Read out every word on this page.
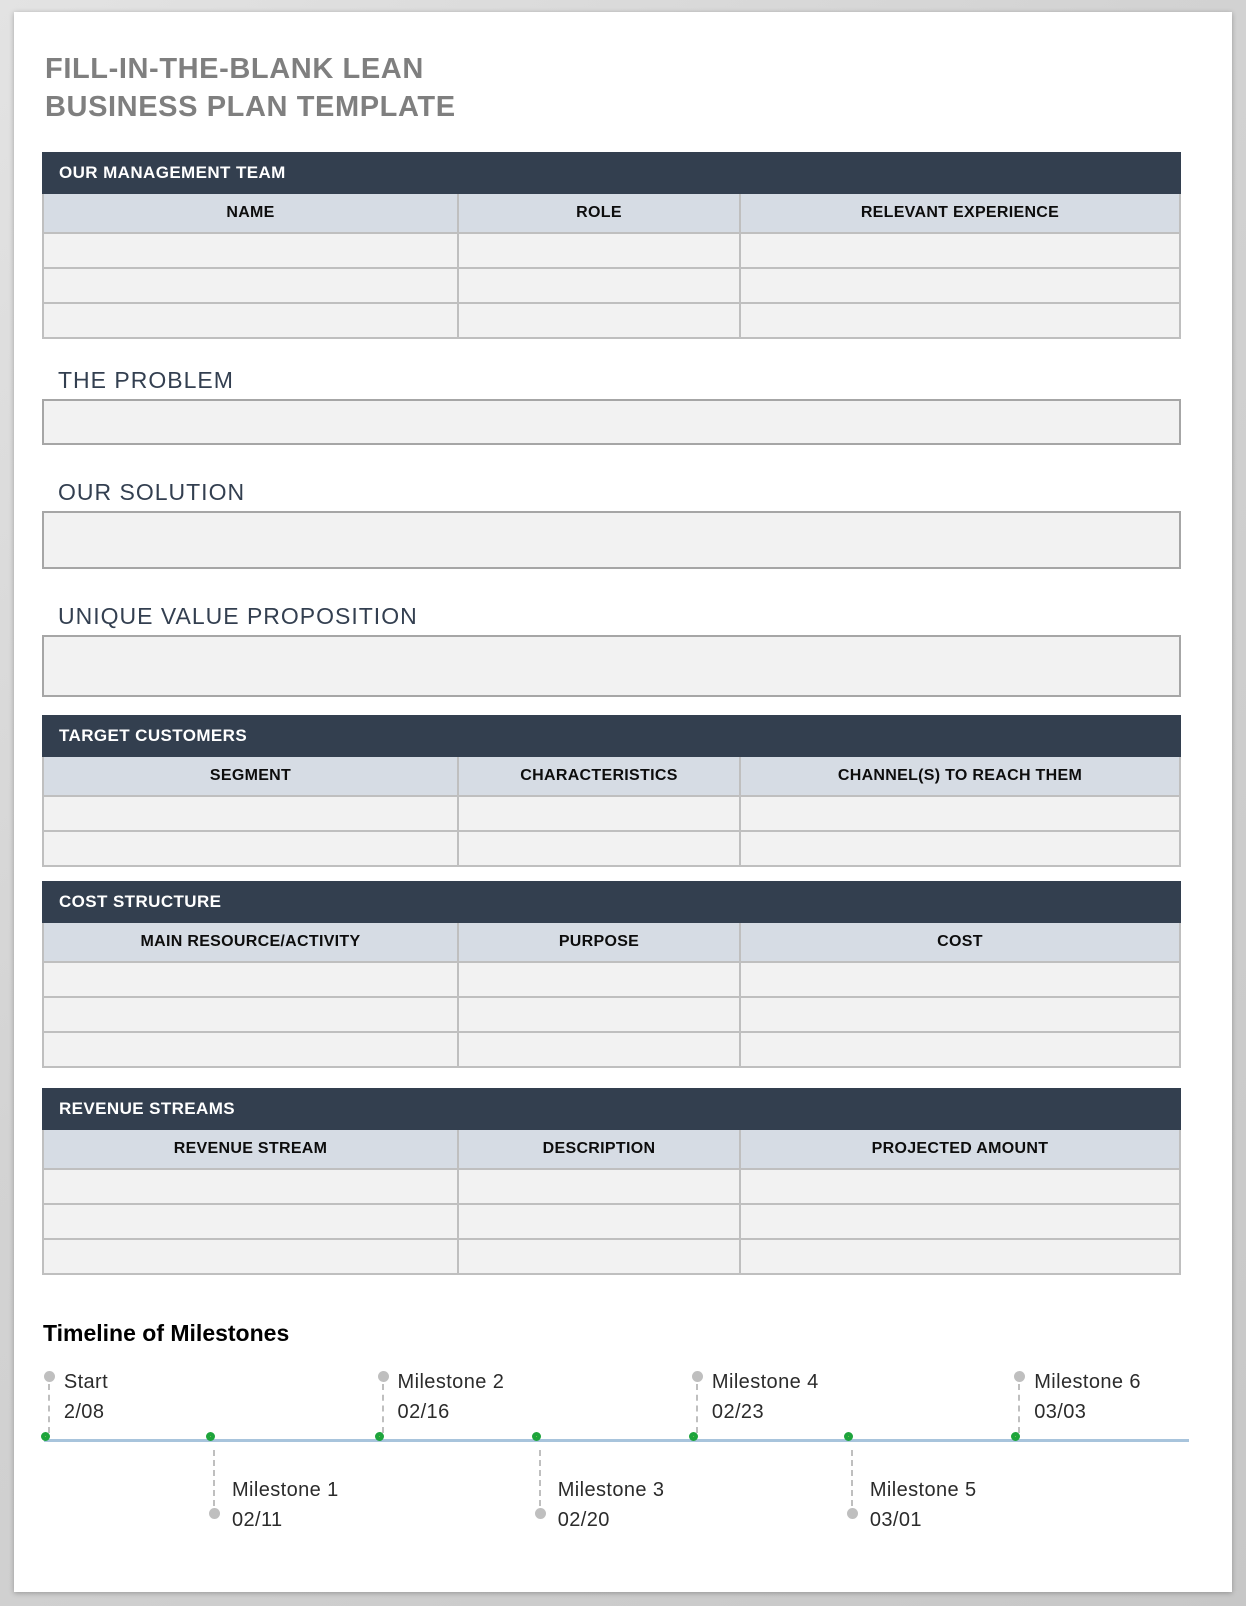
FILL-IN-THE-BLANK LEAN
BUSINESS PLAN TEMPLATE
OUR MANAGEMENT TEAM		
NAME	ROLE	RELEVANT EXPERIENCE

THE PROBLEM
OUR SOLUTION
UNIQUE VALUE PROPOSITION
TARGET CUSTOMERS		
SEGMENT	CHARACTERISTICS	CHANNEL(S) TO REACH THEM

COST STRUCTURE		
MAIN RESOURCE/ACTIVITY	PURPOSE	COST

REVENUE STREAMS		
REVENUE STREAM	DESCRIPTION	PROJECTED AMOUNT

Timeline of Milestones
Start
2/08
Milestone 1
02/11
Milestone 2
02/16
Milestone 3
02/20
Milestone 4
02/23
Milestone 5
03/01
Milestone 6
03/03
